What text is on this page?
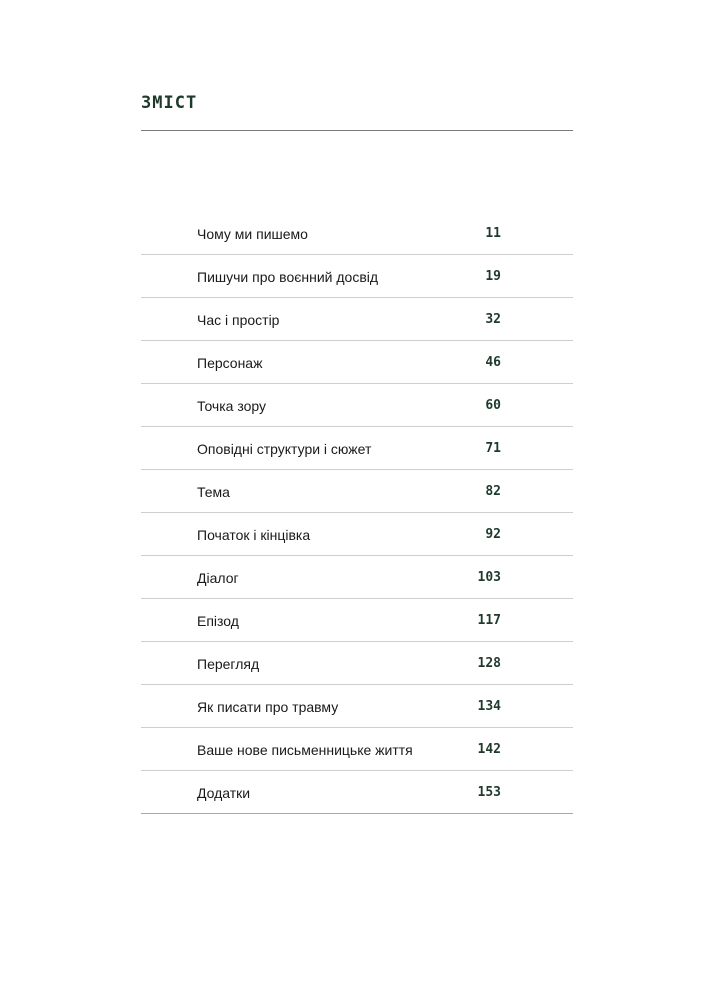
ЗМІСТ
Чому ми пишемо	11
Пишучи про воєнний досвід	19
Час і простір	32
Персонаж	46
Точка зору	60
Оповідні структури і сюжет	71
Тема	82
Початок і кінцівка	92
Діалог	103
Епізод	117
Перегляд	128
Як писати про травму	134
Ваше нове письменницьке життя	142
Додатки	153
